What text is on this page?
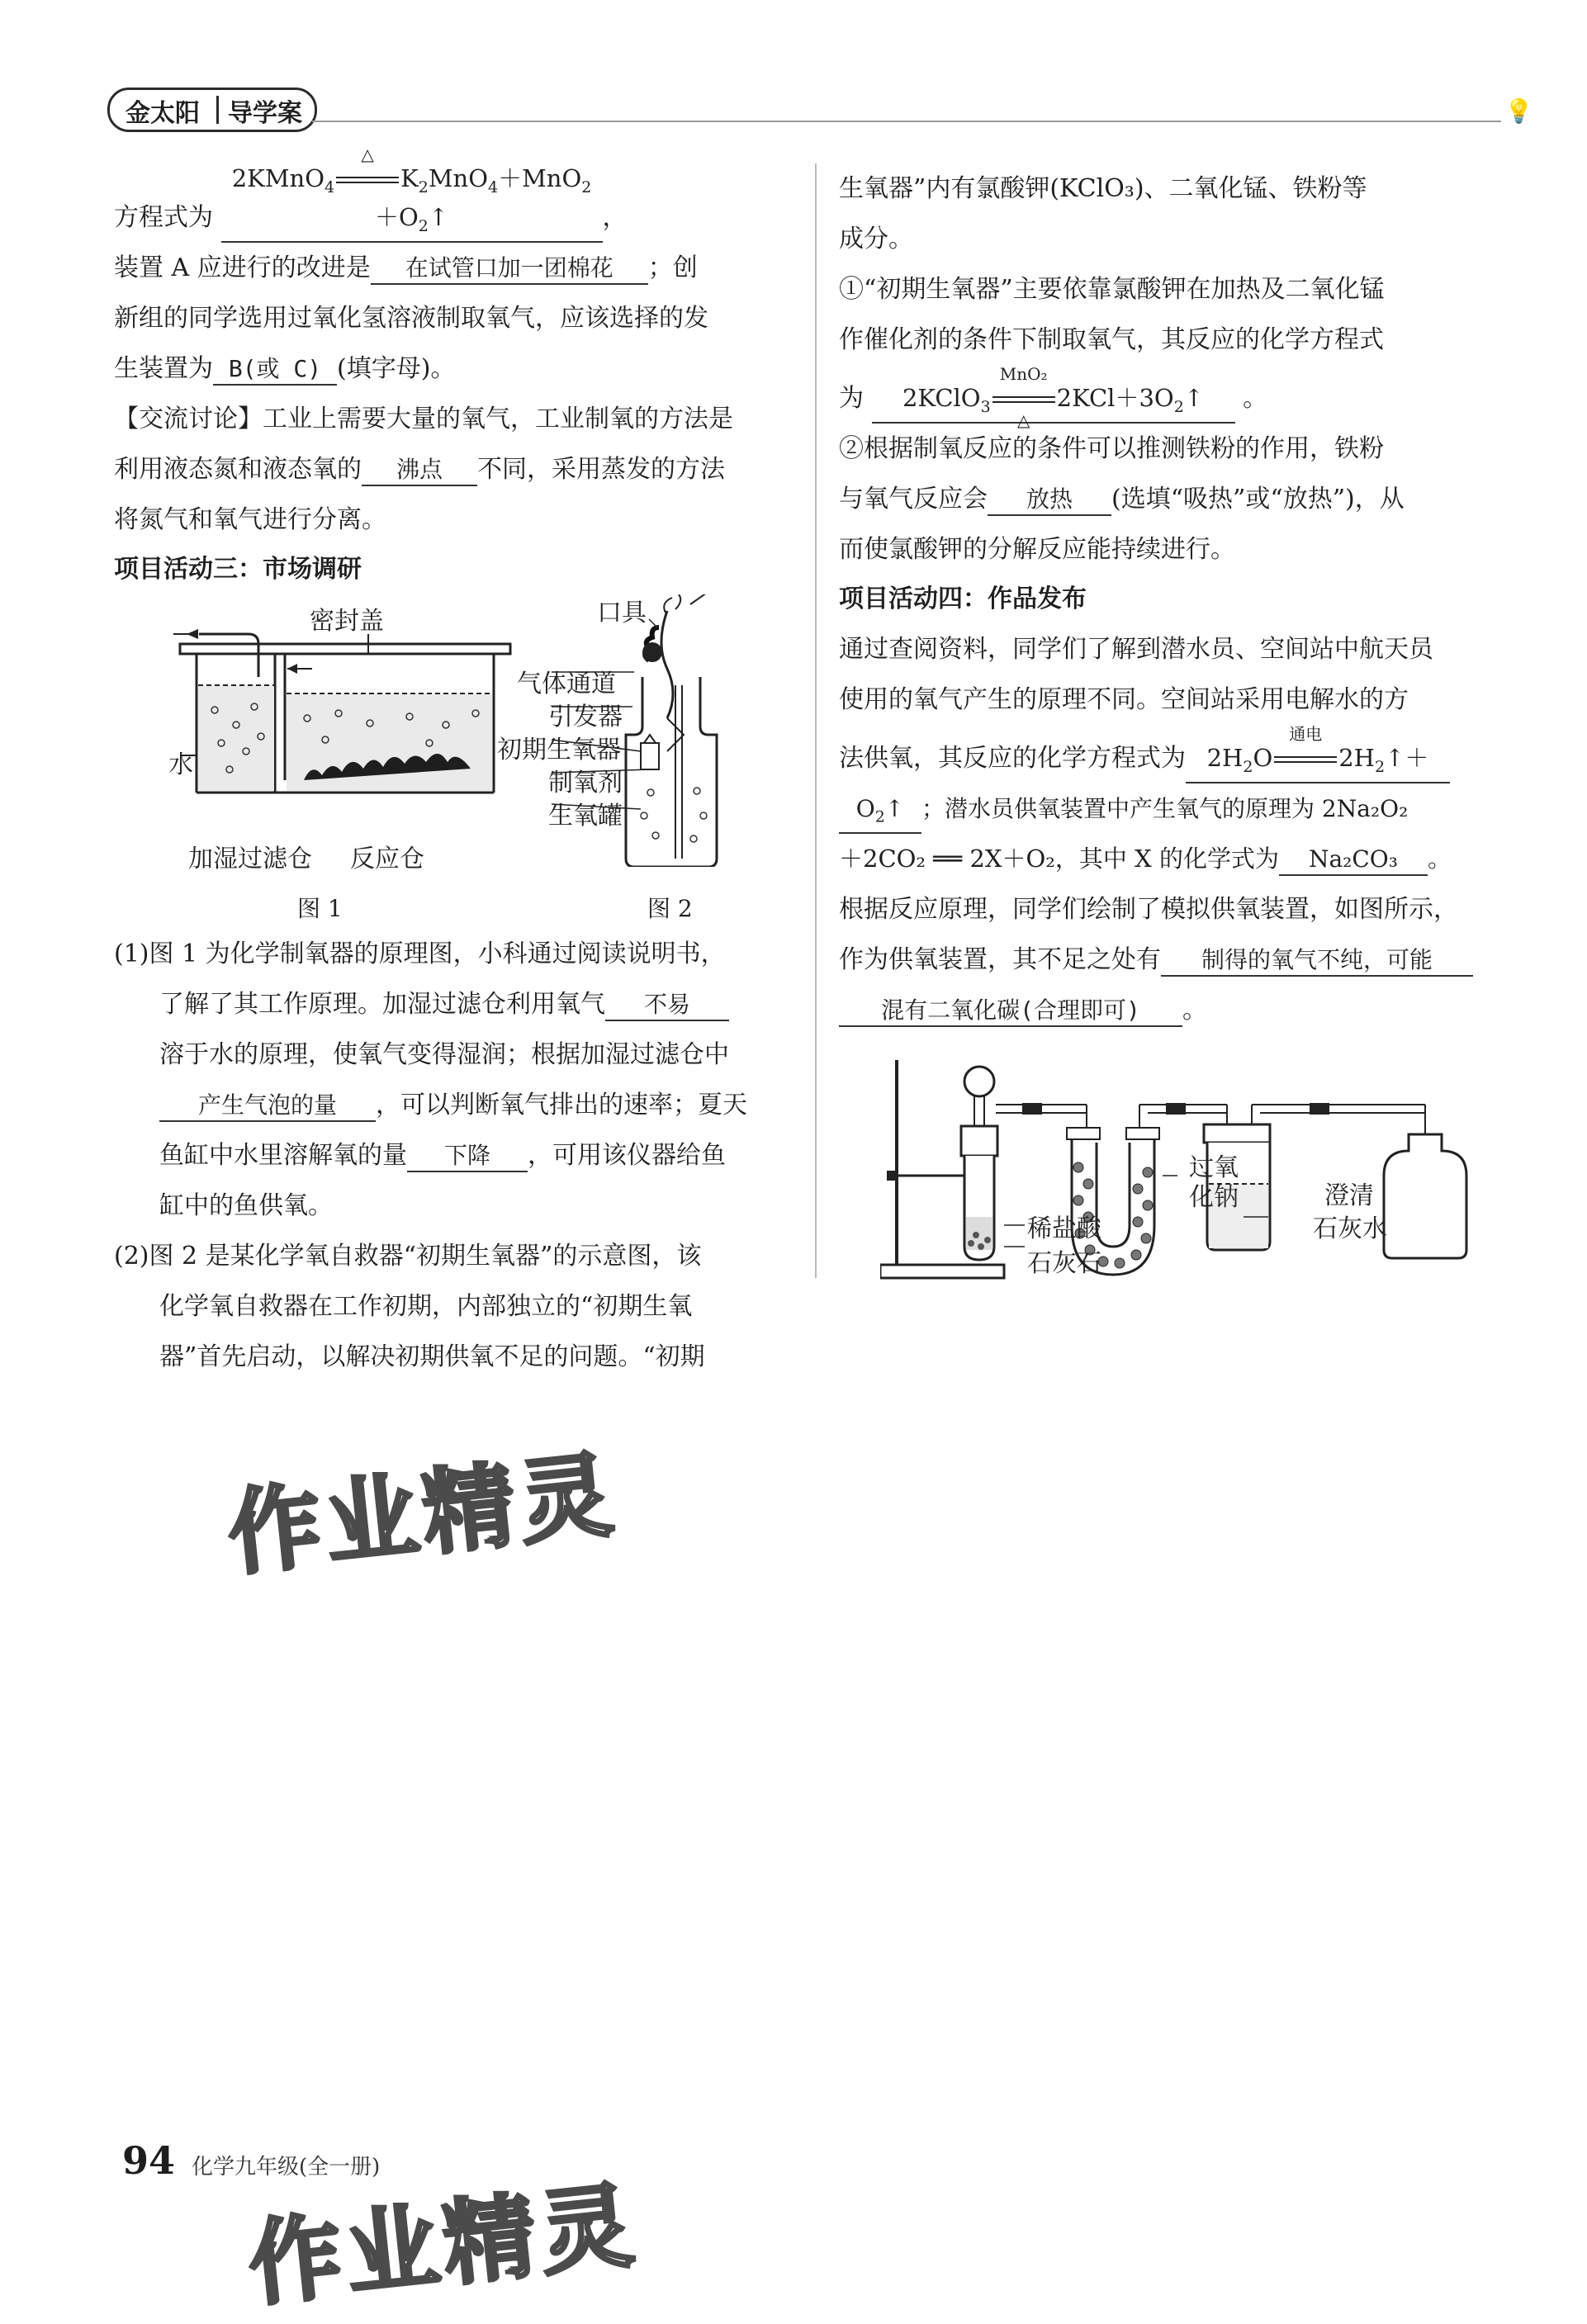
金太阳 导学案	💡

方程式为 2KMnO$_4$
△
$K_2MnO_4+MnO_2+O_2↑$	，

装置 A 应进行的改进是 在试管口加一团棉花 ；创

新组的同学选用过氧化氢溶液制取氧气，应该选择的发

生装置为 B(或 C) (填字母)。

【交流讨论】工业上需要大量的氧气，工业制氧的方法是

利用液态氮和液态氧的 沸点 不同，采用蒸发的方法

将氮气和氧气进行分离。

项目活动三：市场调研

密封盖
水
加湿过滤仓 反应仓
图 1
口具
气体通道
引发器
初期生氧器
制氧剂
生氧罐
图 2

(1)图 1 为化学制氧器的原理图，小科通过阅读说明书，

了解了其工作原理。加湿过滤仓利用氧气 不易

溶于水的原理，使氧气变得湿润；根据加湿过滤仓中

产生气泡的量 ，可以判断氧气排出的速率；夏天

鱼缸中水里溶解氧的量 下降 ，可用该仪器给鱼

缸中的鱼供氧。

(2)图 2 是某化学氧自救器“初期生氧器”的示意图，该

化学氧自救器在工作初期，内部独立的“初期生氧

器”首先启动，以解决初期供氧不足的问题。“初期

生氧器”内有氯酸钾(KClO₃)、二氧化锰、铁粉等

成分。

①“初期生氧器”主要依靠氯酸钾在加热及二氧化锰

作催化剂的条件下制取氧气，其反应的化学方程式

为 2KClO$_3$
MnO₂
△
$2KCl+3O_2↑$ 。

②根据制氧反应的条件可以推测铁粉的作用，铁粉

与氧气反应会 放热 (选填“吸热”或“放热”)，从

而使氯酸钾的分解反应能持续进行。

项目活动四：作品发布

通过查阅资料，同学们了解到潜水员、空间站中航天员

使用的氧气产生的原理不同。空间站采用电解水的方

法供氧，其反应的化学方程式为 $2H_2O$
通电
$2H_2↑+$

$O_2↑$ ；潜水员供氧装置中产生氧气的原理为 2Na₂O₂

＋2CO₂ ══ 2X＋O₂，其中 X 的化学式为 Na₂CO₃ 。

根据反应原理，同学们绘制了模拟供氧装置，如图所示，

作为供氧装置，其不足之处有 制得的氧气不纯，可能

混有二氧化碳(合理即可) 。

稀盐酸
石灰石
过氧
化钠	澄清
石灰水
作业精灵
作业精灵
94 化学九年级(全一册)
